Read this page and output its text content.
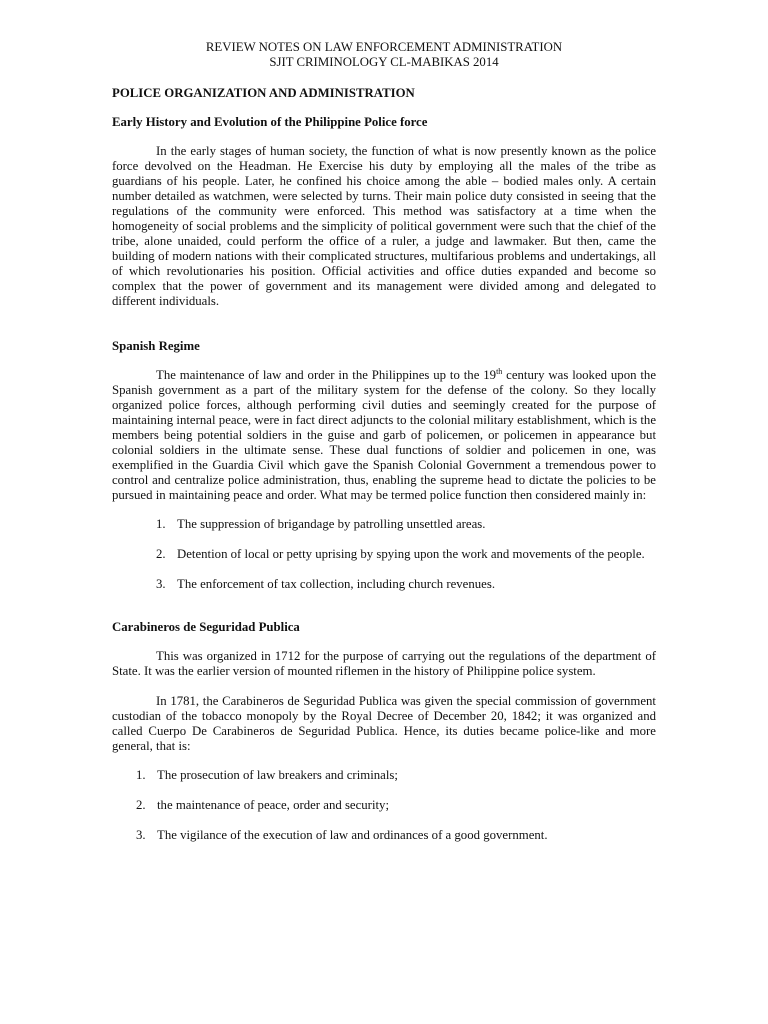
REVIEW NOTES ON LAW ENFORCEMENT ADMINISTRATION
SJIT CRIMINOLOGY CL-MABIKAS 2014
POLICE ORGANIZATION AND ADMINISTRATION
Early History and Evolution of the Philippine Police force

In the early stages of human society, the function of what is now presently known as the police force devolved on the Headman. He Exercise his duty by employing all the males of the tribe as guardians of his people. Later, he confined his choice among the able – bodied males only. A certain number detailed as watchmen, were selected by turns. Their main police duty consisted in seeing that the regulations of the community were enforced. This method was satisfactory at a time when the homogeneity of social problems and the simplicity of political government were such that the chief of the tribe, alone unaided, could perform the office of a ruler, a judge and lawmaker. But then, came the building of modern nations with their complicated structures, multifarious problems and undertakings, all of which revolutionaries his position. Official activities and office duties expanded and become so complex that the power of government and its management were divided among and delegated to different individuals.

Spanish Regime

The maintenance of law and order in the Philippines up to the 19th century was looked upon the Spanish government as a part of the military system for the defense of the colony. So they locally organized police forces, although performing civil duties and seemingly created for the purpose of maintaining internal peace, were in fact direct adjuncts to the colonial military establishment, which is the members being potential soldiers in the guise and garb of policemen, or policemen in appearance but colonial soldiers in the ultimate sense. These dual functions of soldier and policemen in one, was exemplified in the Guardia Civil which gave the Spanish Colonial Government a tremendous power to control and centralize police administration, thus, enabling the supreme head to dictate the policies to be pursued in maintaining peace and order. What may be termed police function then considered mainly in:

1. The suppression of brigandage by patrolling unsettled areas.
2. Detention of local or petty uprising by spying upon the work and movements of the people.
3. The enforcement of tax collection, including church revenues.
Carabineros de Seguridad Publica

This was organized in 1712 for the purpose of carrying out the regulations of the department of State. It was the earlier version of mounted riflemen in the history of Philippine police system.

In 1781, the Carabineros de Seguridad Publica was given the special commission of government custodian of the tobacco monopoly by the Royal Decree of December 20, 1842; it was organized and called Cuerpo De Carabineros de Seguridad Publica. Hence, its duties became police-like and more general, that is:

1. The prosecution of law breakers and criminals;
2. the maintenance of peace, order and security;
3. The vigilance of the execution of law and ordinances of a good government.
